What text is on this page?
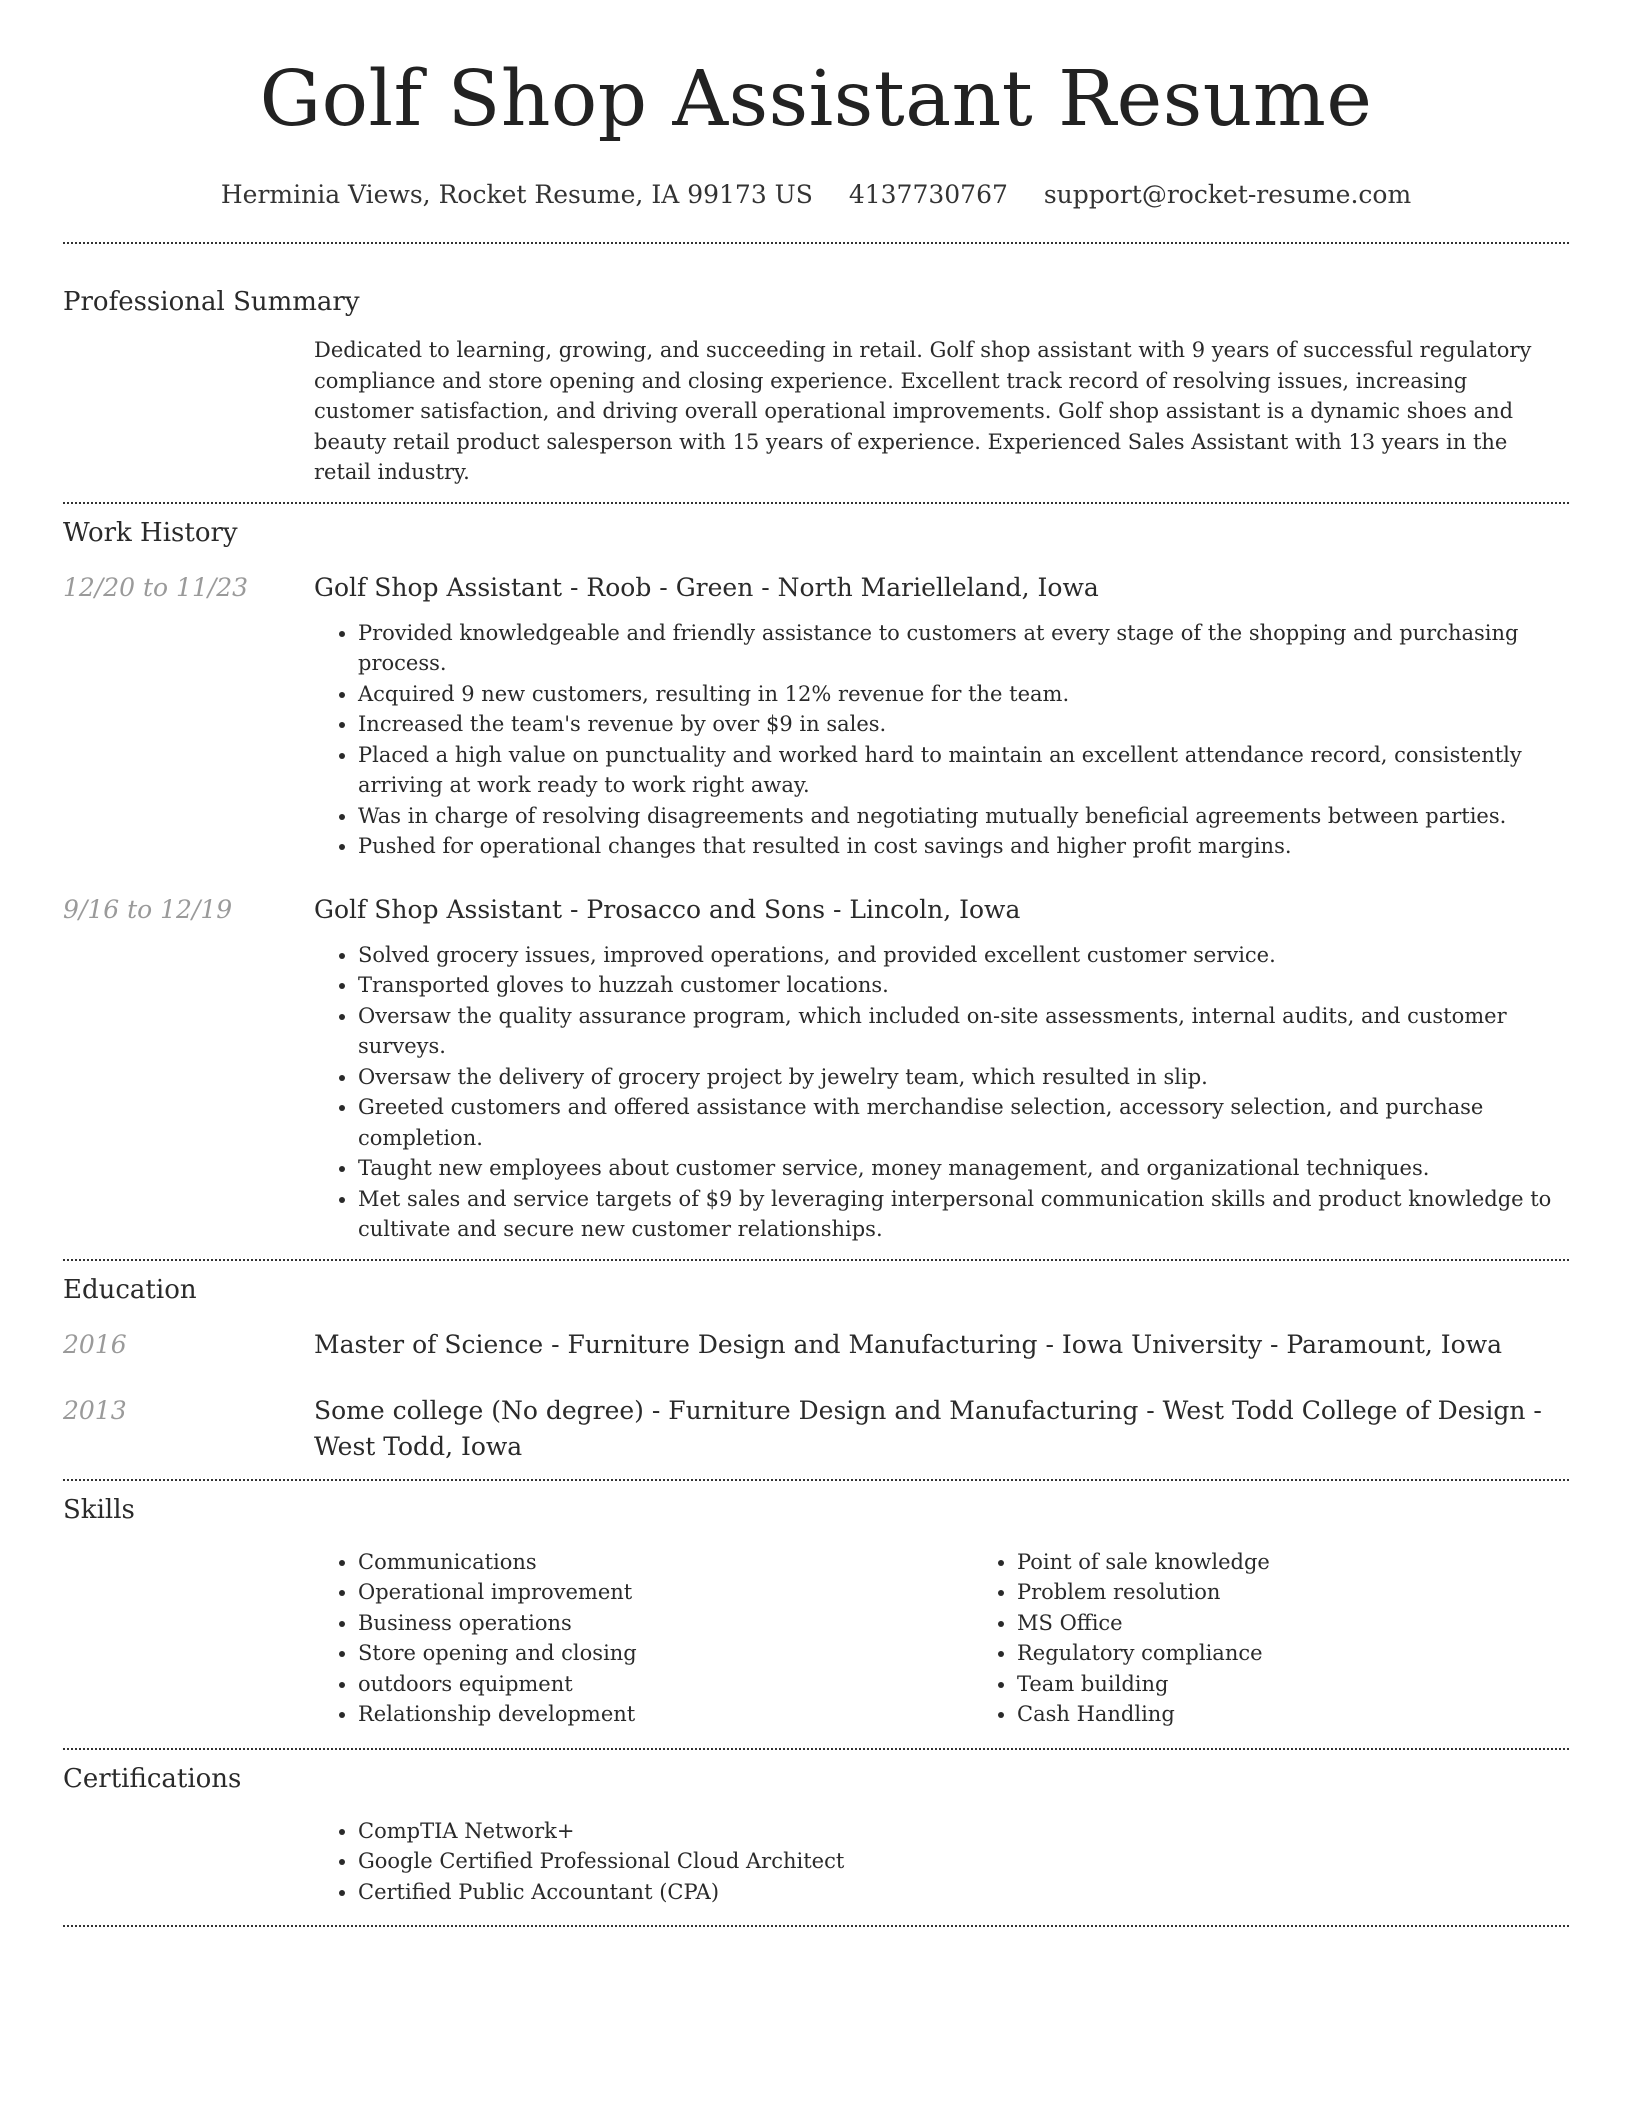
Golf Shop Assistant Resume
Herminia Views, Rocket Resume, IA 99173 US 4137730767 support@rocket-resume.com
Professional Summary
Dedicated to learning, growing, and succeeding in retail. Golf shop assistant with 9 years of successful regulatory compliance and store opening and closing experience. Excellent track record of resolving issues, increasing customer satisfaction, and driving overall operational improvements. Golf shop assistant is a dynamic shoes and beauty retail product salesperson with 15 years of experience. Experienced Sales Assistant with 13 years in the retail industry.
Work History
12/20 to 11/23	Golf Shop Assistant - Roob - Green - North Marielleland, Iowa
• Provided knowledgeable and friendly assistance to customers at every stage of the shopping and purchasing process.
• Acquired 9 new customers, resulting in 12% revenue for the team.
• Increased the team's revenue by over $9 in sales.
• Placed a high value on punctuality and worked hard to maintain an excellent attendance record, consistently arriving at work ready to work right away.
• Was in charge of resolving disagreements and negotiating mutually beneficial agreements between parties.
• Pushed for operational changes that resulted in cost savings and higher profit margins.
9/16 to 12/19	Golf Shop Assistant - Prosacco and Sons - Lincoln, Iowa
• Solved grocery issues, improved operations, and provided excellent customer service.
• Transported gloves to huzzah customer locations.
• Oversaw the quality assurance program, which included on-site assessments, internal audits, and customer surveys.
• Oversaw the delivery of grocery project by jewelry team, which resulted in slip.
• Greeted customers and offered assistance with merchandise selection, accessory selection, and purchase completion.
• Taught new employees about customer service, money management, and organizational techniques.
• Met sales and service targets of $9 by leveraging interpersonal communication skills and product knowledge to cultivate and secure new customer relationships.
Education
2016	Master of Science - Furniture Design and Manufacturing - Iowa University - Paramount, Iowa
2013	Some college (No degree) - Furniture Design and Manufacturing - West Todd College of Design - West Todd, Iowa
Skills
• Communications
• Operational improvement
• Business operations
• Store opening and closing
• outdoors equipment
• Relationship development
• Point of sale knowledge
• Problem resolution
• MS Office
• Regulatory compliance
• Team building
• Cash Handling
Certifications
• CompTIA Network+
• Google Certified Professional Cloud Architect
• Certified Public Accountant (CPA)
